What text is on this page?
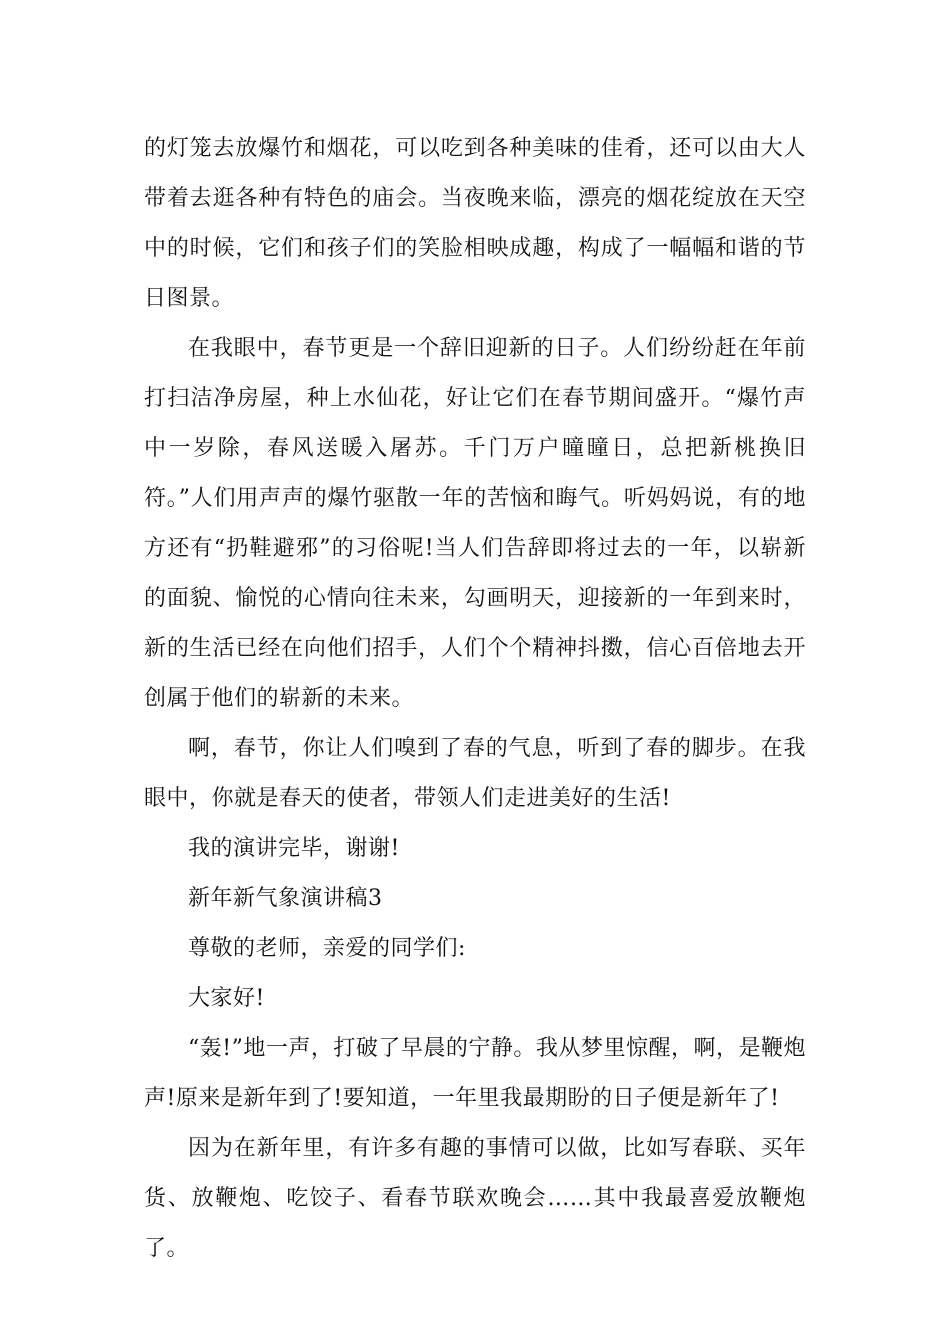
的灯笼去放爆竹和烟花，可以吃到各种美味的佳肴，还可以由大人带着去逛各种有特色的庙会。当夜晚来临，漂亮的烟花绽放在天空中的时候，它们和孩子们的笑脸相映成趣，构成了一幅幅和谐的节日图景。

在我眼中，春节更是一个辞旧迎新的日子。人们纷纷赶在年前打扫洁净房屋，种上水仙花，好让它们在春节期间盛开。“爆竹声中一岁除，春风送暖入屠苏。千门万户曈曈日，总把新桃换旧符。”人们用声声的爆竹驱散一年的苦恼和晦气。听妈妈说，有的地方还有“扔鞋避邪”的习俗呢!当人们告辞即将过去的一年，以崭新的面貌、愉悦的心情向往未来，勾画明天，迎接新的一年到来时，新的生活已经在向他们招手，人们个个精神抖擞，信心百倍地去开创属于他们的崭新的未来。

啊，春节，你让人们嗅到了春的气息，听到了春的脚步。在我眼中，你就是春天的使者，带领人们走进美好的生活!

我的演讲完毕，谢谢!

新年新气象演讲稿3

尊敬的老师，亲爱的同学们:

大家好!

“轰!”地一声，打破了早晨的宁静。我从梦里惊醒，啊，是鞭炮声!原来是新年到了!要知道，一年里我最期盼的日子便是新年了!

因为在新年里，有许多有趣的事情可以做，比如写春联、买年货、放鞭炮、吃饺子、看春节联欢晚会……其中我最喜爱放鞭炮了。
